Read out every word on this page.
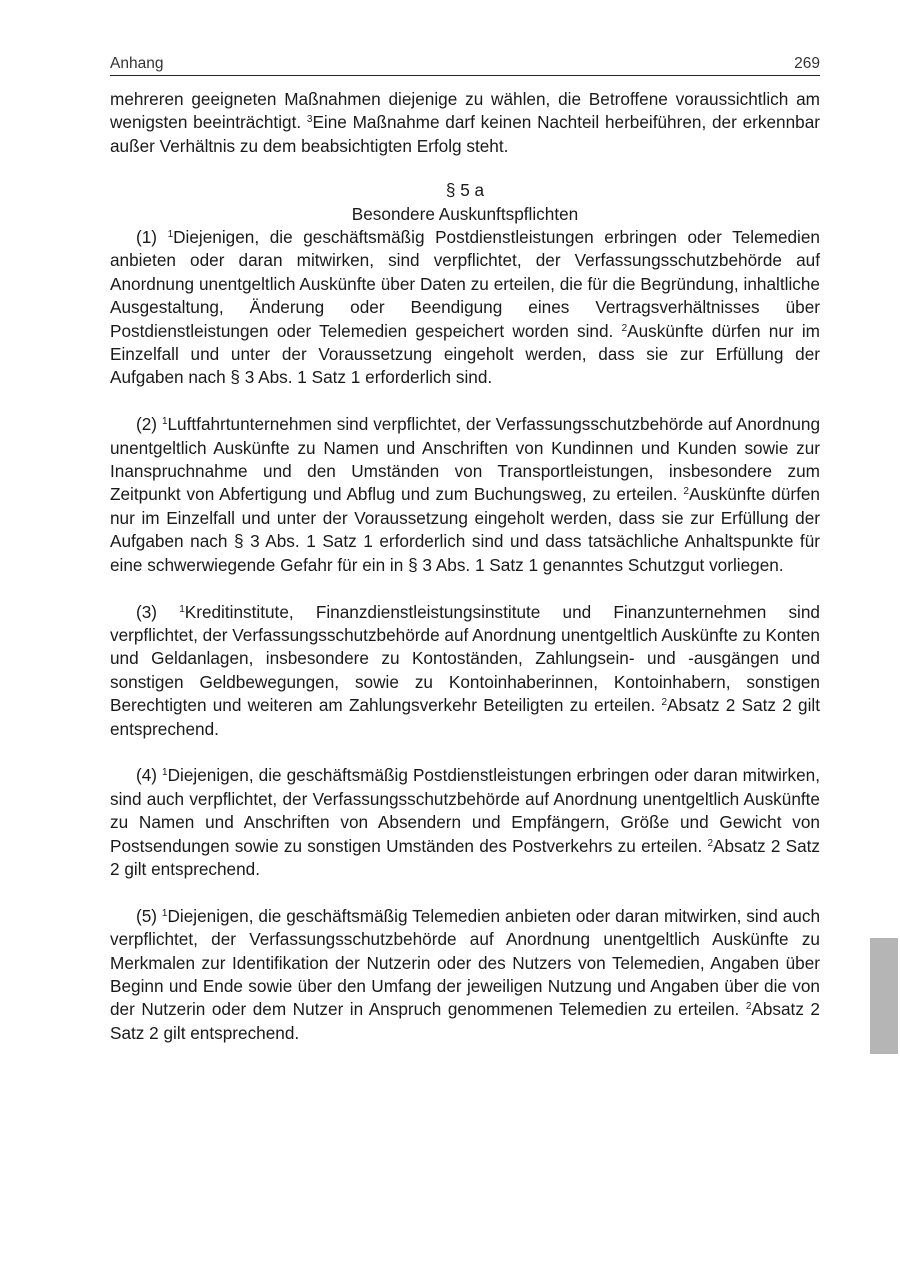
Anhang	269

mehreren geeigneten Maßnahmen diejenige zu wählen, die Betroffene voraussichtlich am wenigsten beeinträchtigt. $^3$Eine Maßnahme darf keinen Nachteil herbeiführen, der erkennbar außer Verhältnis zu dem beabsichtigten Erfolg steht.

§ 5 a

Besondere Auskunftspflichten

(1) $^1$Diejenigen, die geschäftsmäßig Postdienstleistungen erbringen oder Telemedien anbieten oder daran mitwirken, sind verpflichtet, der Verfassungsschutzbehörde auf Anordnung unentgeltlich Auskünfte über Daten zu erteilen, die für die Begründung, inhaltliche Ausgestaltung, Änderung oder Beendigung eines Vertragsverhältnisses über Postdienstleistungen oder Telemedien gespeichert worden sind. $^2$Auskünfte dürfen nur im Einzelfall und unter der Voraussetzung eingeholt werden, dass sie zur Erfüllung der Aufgaben nach § 3 Abs. 1 Satz 1 erforderlich sind.

(2) $^1$Luftfahrtunternehmen sind verpflichtet, der Verfassungsschutzbehörde auf Anordnung unentgeltlich Auskünfte zu Namen und Anschriften von Kundinnen und Kunden sowie zur Inanspruchnahme und den Umständen von Transportleistungen, insbesondere zum Zeitpunkt von Abfertigung und Abflug und zum Buchungsweg, zu erteilen. $^2$Auskünfte dürfen nur im Einzelfall und unter der Voraussetzung eingeholt werden, dass sie zur Erfüllung der Aufgaben nach § 3 Abs. 1 Satz 1 erforderlich sind und dass tatsächliche Anhaltspunkte für eine schwerwiegende Gefahr für ein in § 3 Abs. 1 Satz 1 genanntes Schutzgut vorliegen.

(3) $^1$Kreditinstitute, Finanzdienstleistungsinstitute und Finanzunternehmen sind verpflichtet, der Verfassungsschutzbehörde auf Anordnung unentgeltlich Auskünfte zu Konten und Geldanlagen, insbesondere zu Kontoständen, Zahlungsein- und -ausgängen und sonstigen Geldbewegungen, sowie zu Kontoinhaberinnen, Kontoinhabern, sonstigen Berechtigten und weiteren am Zahlungsverkehr Beteiligten zu erteilen. $^2$Absatz 2 Satz 2 gilt entsprechend.

(4) $^1$Diejenigen, die geschäftsmäßig Postdienstleistungen erbringen oder daran mitwirken, sind auch verpflichtet, der Verfassungsschutzbehörde auf Anordnung unentgeltlich Auskünfte zu Namen und Anschriften von Absendern und Empfängern, Größe und Gewicht von Postsendungen sowie zu sonstigen Umständen des Postverkehrs zu erteilen. $^2$Absatz 2 Satz 2 gilt entsprechend.

(5) $^1$Diejenigen, die geschäftsmäßig Telemedien anbieten oder daran mitwirken, sind auch verpflichtet, der Verfassungsschutzbehörde auf Anordnung unentgeltlich Auskünfte zu Merkmalen zur Identifikation der Nutzerin oder des Nutzers von Telemedien, Angaben über Beginn und Ende sowie über den Umfang der jeweiligen Nutzung und Angaben über die von der Nutzerin oder dem Nutzer in Anspruch genommenen Telemedien zu erteilen. $^2$Absatz 2 Satz 2 gilt entsprechend.
